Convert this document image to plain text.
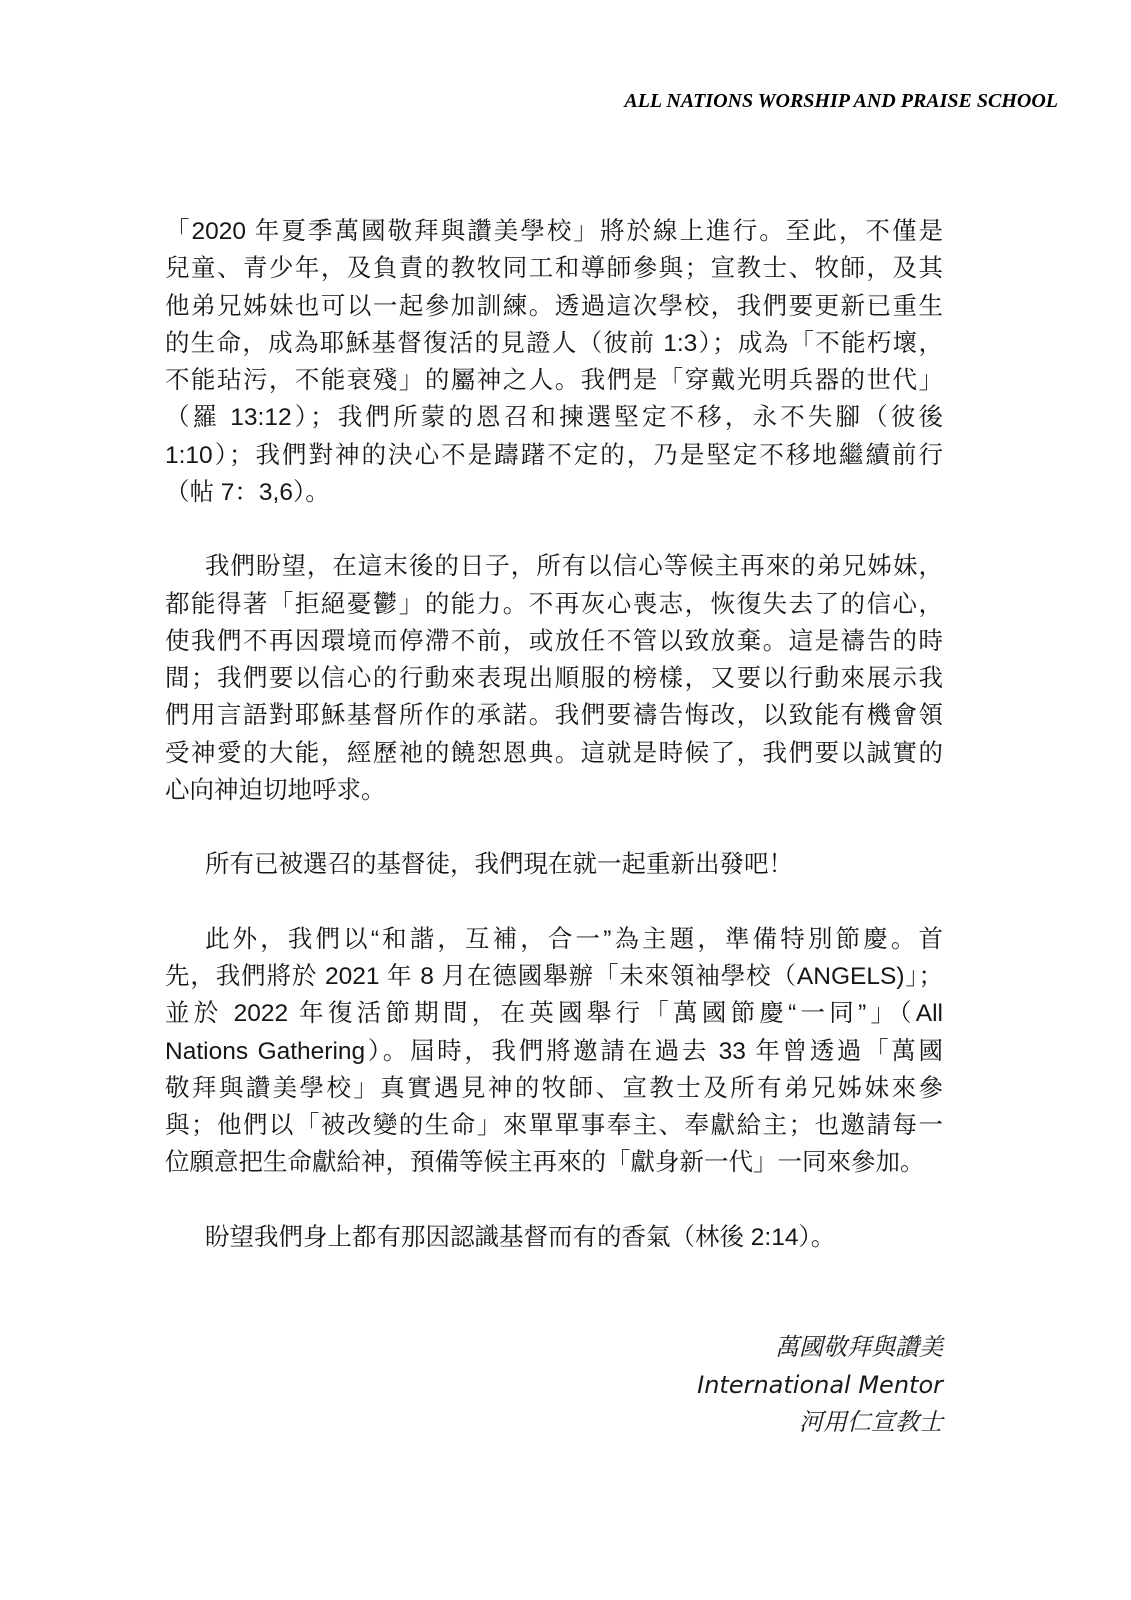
ALL NATIONS WORSHIP AND PRAISE SCHOOL
「2020 年夏季萬國敬拜與讚美學校」將於線上進行。至此，不僅是
兒童、青少年，及負責的教牧同工和導師參與；宣教士、牧師，及其
他弟兄姊妹也可以一起參加訓練。透過這次學校，我們要更新已重生
的生命，成為耶穌基督復活的見證人（彼前 1:3）；成為「不能朽壞，
不能玷污，不能衰殘」的屬神之人。我們是「穿戴光明兵器的世代」
（羅 13:12）；我們所蒙的恩召和揀選堅定不移，永不失腳（彼後
1:10）；我們對神的決心不是躊躇不定的，乃是堅定不移地繼續前行
（帖 7：3,6）。
我們盼望，在這末後的日子，所有以信心等候主再來的弟兄姊妹，
都能得著「拒絕憂鬱」的能力。不再灰心喪志，恢復失去了的信心，
使我們不再因環境而停滯不前，或放任不管以致放棄。這是禱告的時
間；我們要以信心的行動來表現出順服的榜樣，又要以行動來展示我
們用言語對耶穌基督所作的承諾。我們要禱告悔改，以致能有機會領
受神愛的大能，經歷祂的饒恕恩典。這就是時候了，我們要以誠實的
心向神迫切地呼求。
所有已被選召的基督徒，我們現在就一起重新出發吧！
此外，我們以“和諧，互補，合一”為主題，準備特別節慶。首
先，我們將於 2021 年 8 月在德國舉辦「未來領袖學校（ANGELS)」；
並於 2022 年復活節期間，在英國舉行「萬國節慶“一同”」（All
Nations Gathering）。屆時，我們將邀請在過去 33 年曾透過「萬國
敬拜與讚美學校」真實遇見神的牧師、宣教士及所有弟兄姊妹來參
與；他們以「被改變的生命」來單單事奉主、奉獻給主；也邀請每一
位願意把生命獻給神，預備等候主再來的「獻身新一代」一同來參加。
盼望我們身上都有那因認識基督而有的香氣（林後 2:14）。
萬國敬拜與讚美
International Mentor
河用仁宣教士
